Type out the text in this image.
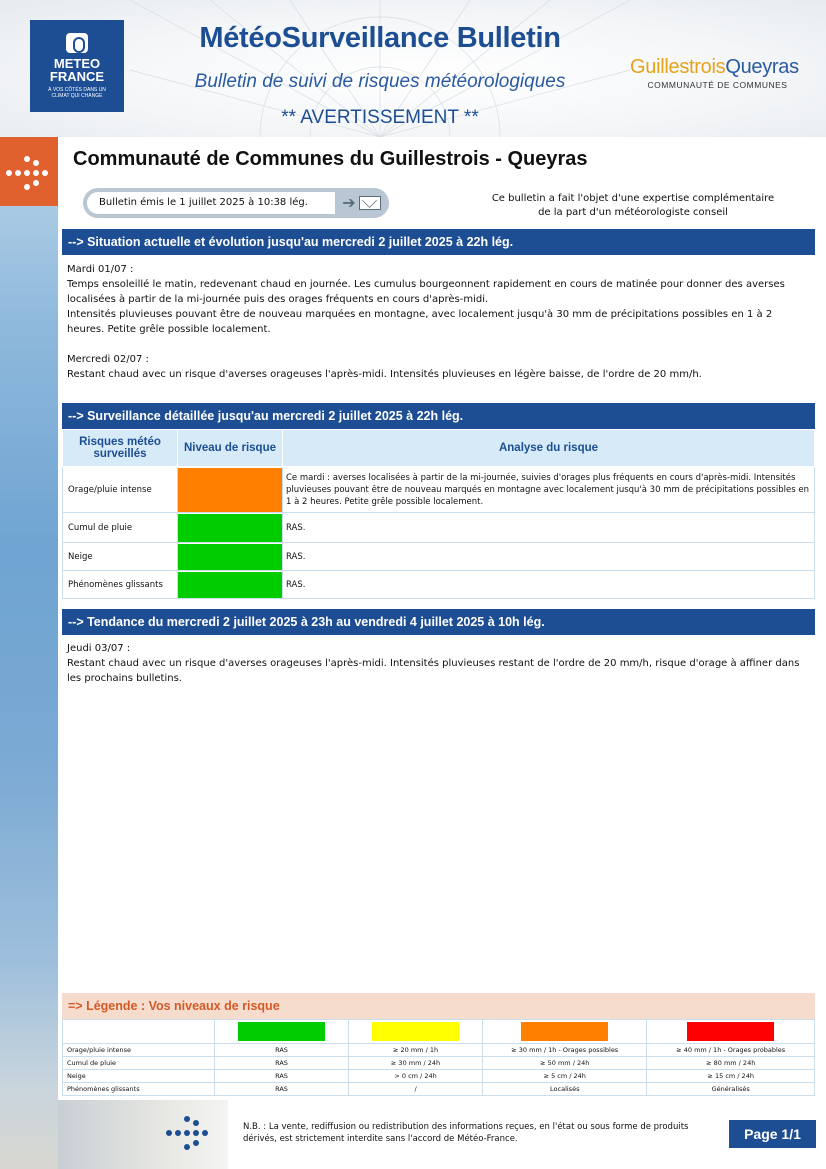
METEO
FRANCE
À VOS CÔTÉS DANS UN
CLIMAT QUI CHANGE
MétéoSurveillance Bulletin
Bulletin de suivi de risques météorologiques
** AVERTISSEMENT **
GuillestroisQueyras
COMMUNAUTÉ DE COMMUNES
Communauté de Communes du Guillestrois - Queyras
Bulletin émis le 1 juillet 2025 à 10:38 lég.	➔	Ce bulletin a fait l'objet d'une expertise complémentaire
de la part d'un météorologiste conseil
--> Situation actuelle et évolution jusqu'au mercredi 2 juillet 2025 à 22h lég.

Mardi 01/07 :

Temps ensoleillé le matin, redevenant chaud en journée. Les cumulus bourgeonnent rapidement en cours de matinée pour donner des averses localisées à partir de la mi-journée puis des orages fréquents en cours d'après-midi.

Intensités pluvieuses pouvant être de nouveau marquées en montagne, avec localement jusqu'à 30 mm de précipitations possibles en 1 à 2 heures. Petite grêle possible localement.

Mercredi 02/07 :

Restant chaud avec un risque d'averses orageuses l'après-midi. Intensités pluvieuses en légère baisse, de l'ordre de 20 mm/h.

--> Surveillance détaillée jusqu'au mercredi 2 juillet 2025 à 22h lég.
Risques météo surveillés	Niveau de risque	Analyse du risque
Orage/pluie intense		Ce mardi : averses localisées à partir de la mi-journée, suivies d'orages plus fréquents en cours d'après-midi. Intensités pluvieuses pouvant être de nouveau marqués en montagne avec localement jusqu'à 30 mm de précipitations possibles en 1 à 2 heures. Petite grêle possible localement.
Cumul de pluie		RAS.
Neige		RAS.
Phénomènes glissants		RAS.
--> Tendance du mercredi 2 juillet 2025 à 23h au vendredi 4 juillet 2025 à 10h lég.

Jeudi 03/07 :

Restant chaud avec un risque d'averses orageuses l'après-midi. Intensités pluvieuses restant de l'ordre de 20 mm/h, risque d'orage à affiner dans les prochains bulletins.

=> Légende : Vos niveaux de risque

Orage/pluie intense	RAS	≥ 20 mm / 1h	≥ 30 mm / 1h - Orages possibles	≥ 40 mm / 1h - Orages probables
Cumul de pluie	RAS	≥ 30 mm / 24h	≥ 50 mm / 24h	≥ 80 mm / 24h
Neige	RAS	> 0 cm / 24h	≥ 5 cm / 24h	≥ 15 cm / 24h
Phénomènes glissants	RAS	/	Localisés	Généralisés
N.B. : La vente, rediffusion ou redistribution des informations reçues, en l'état ou sous forme de produits dérivés, est strictement interdite sans l'accord de Météo-France.	Page 1/1
